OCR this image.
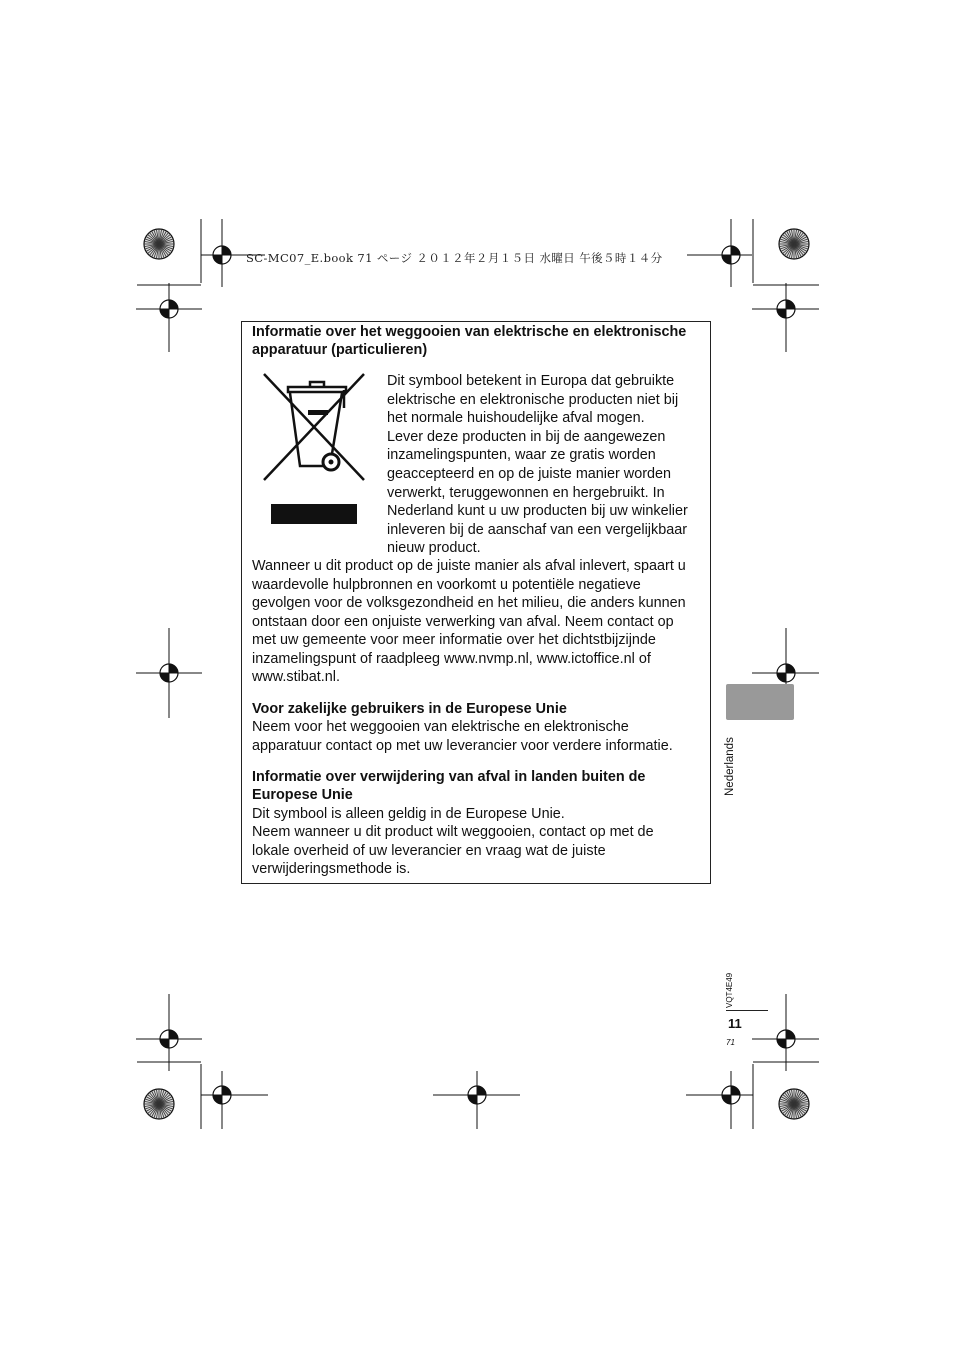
SC-MC07_E.book 71 ページ ２０１２年２月１５日 水曜日 午後５時１４分
Informatie over het weggooien van elektrische en elektronische
apparatuur (particulieren)
Dit symbool betekent in Europa dat gebruikte
elektrische en elektronische producten niet bij
het normale huishoudelijke afval mogen.
Lever deze producten in bij de aangewezen
inzamelingspunten, waar ze gratis worden
geaccepteerd en op de juiste manier worden
verwerkt, teruggewonnen en hergebruikt. In
Nederland kunt u uw producten bij uw winkelier
inleveren bij de aanschaf van een vergelijkbaar
nieuw product.
Wanneer u dit product op de juiste manier als afval inlevert, spaart u
waardevolle hulpbronnen en voorkomt u potentiële negatieve
gevolgen voor de volksgezondheid en het milieu, die anders kunnen
ontstaan door een onjuiste verwerking van afval. Neem contact op
met uw gemeente voor meer informatie over het dichtstbijzijnde
inzamelingspunt of raadpleeg www.nvmp.nl, www.ictoffice.nl of
www.stibat.nl.
Voor zakelijke gebruikers in de Europese Unie
Neem voor het weggooien van elektrische en elektronische
apparatuur contact op met uw leverancier voor verdere informatie.
Informatie over verwijdering van afval in landen buiten de
Europese Unie
Dit symbool is alleen geldig in de Europese Unie.
Neem wanneer u dit product wilt weggooien, contact op met de
lokale overheid of uw leverancier en vraag wat de juiste
verwijderingsmethode is.
Nederlands
VQT4E49
11
71
